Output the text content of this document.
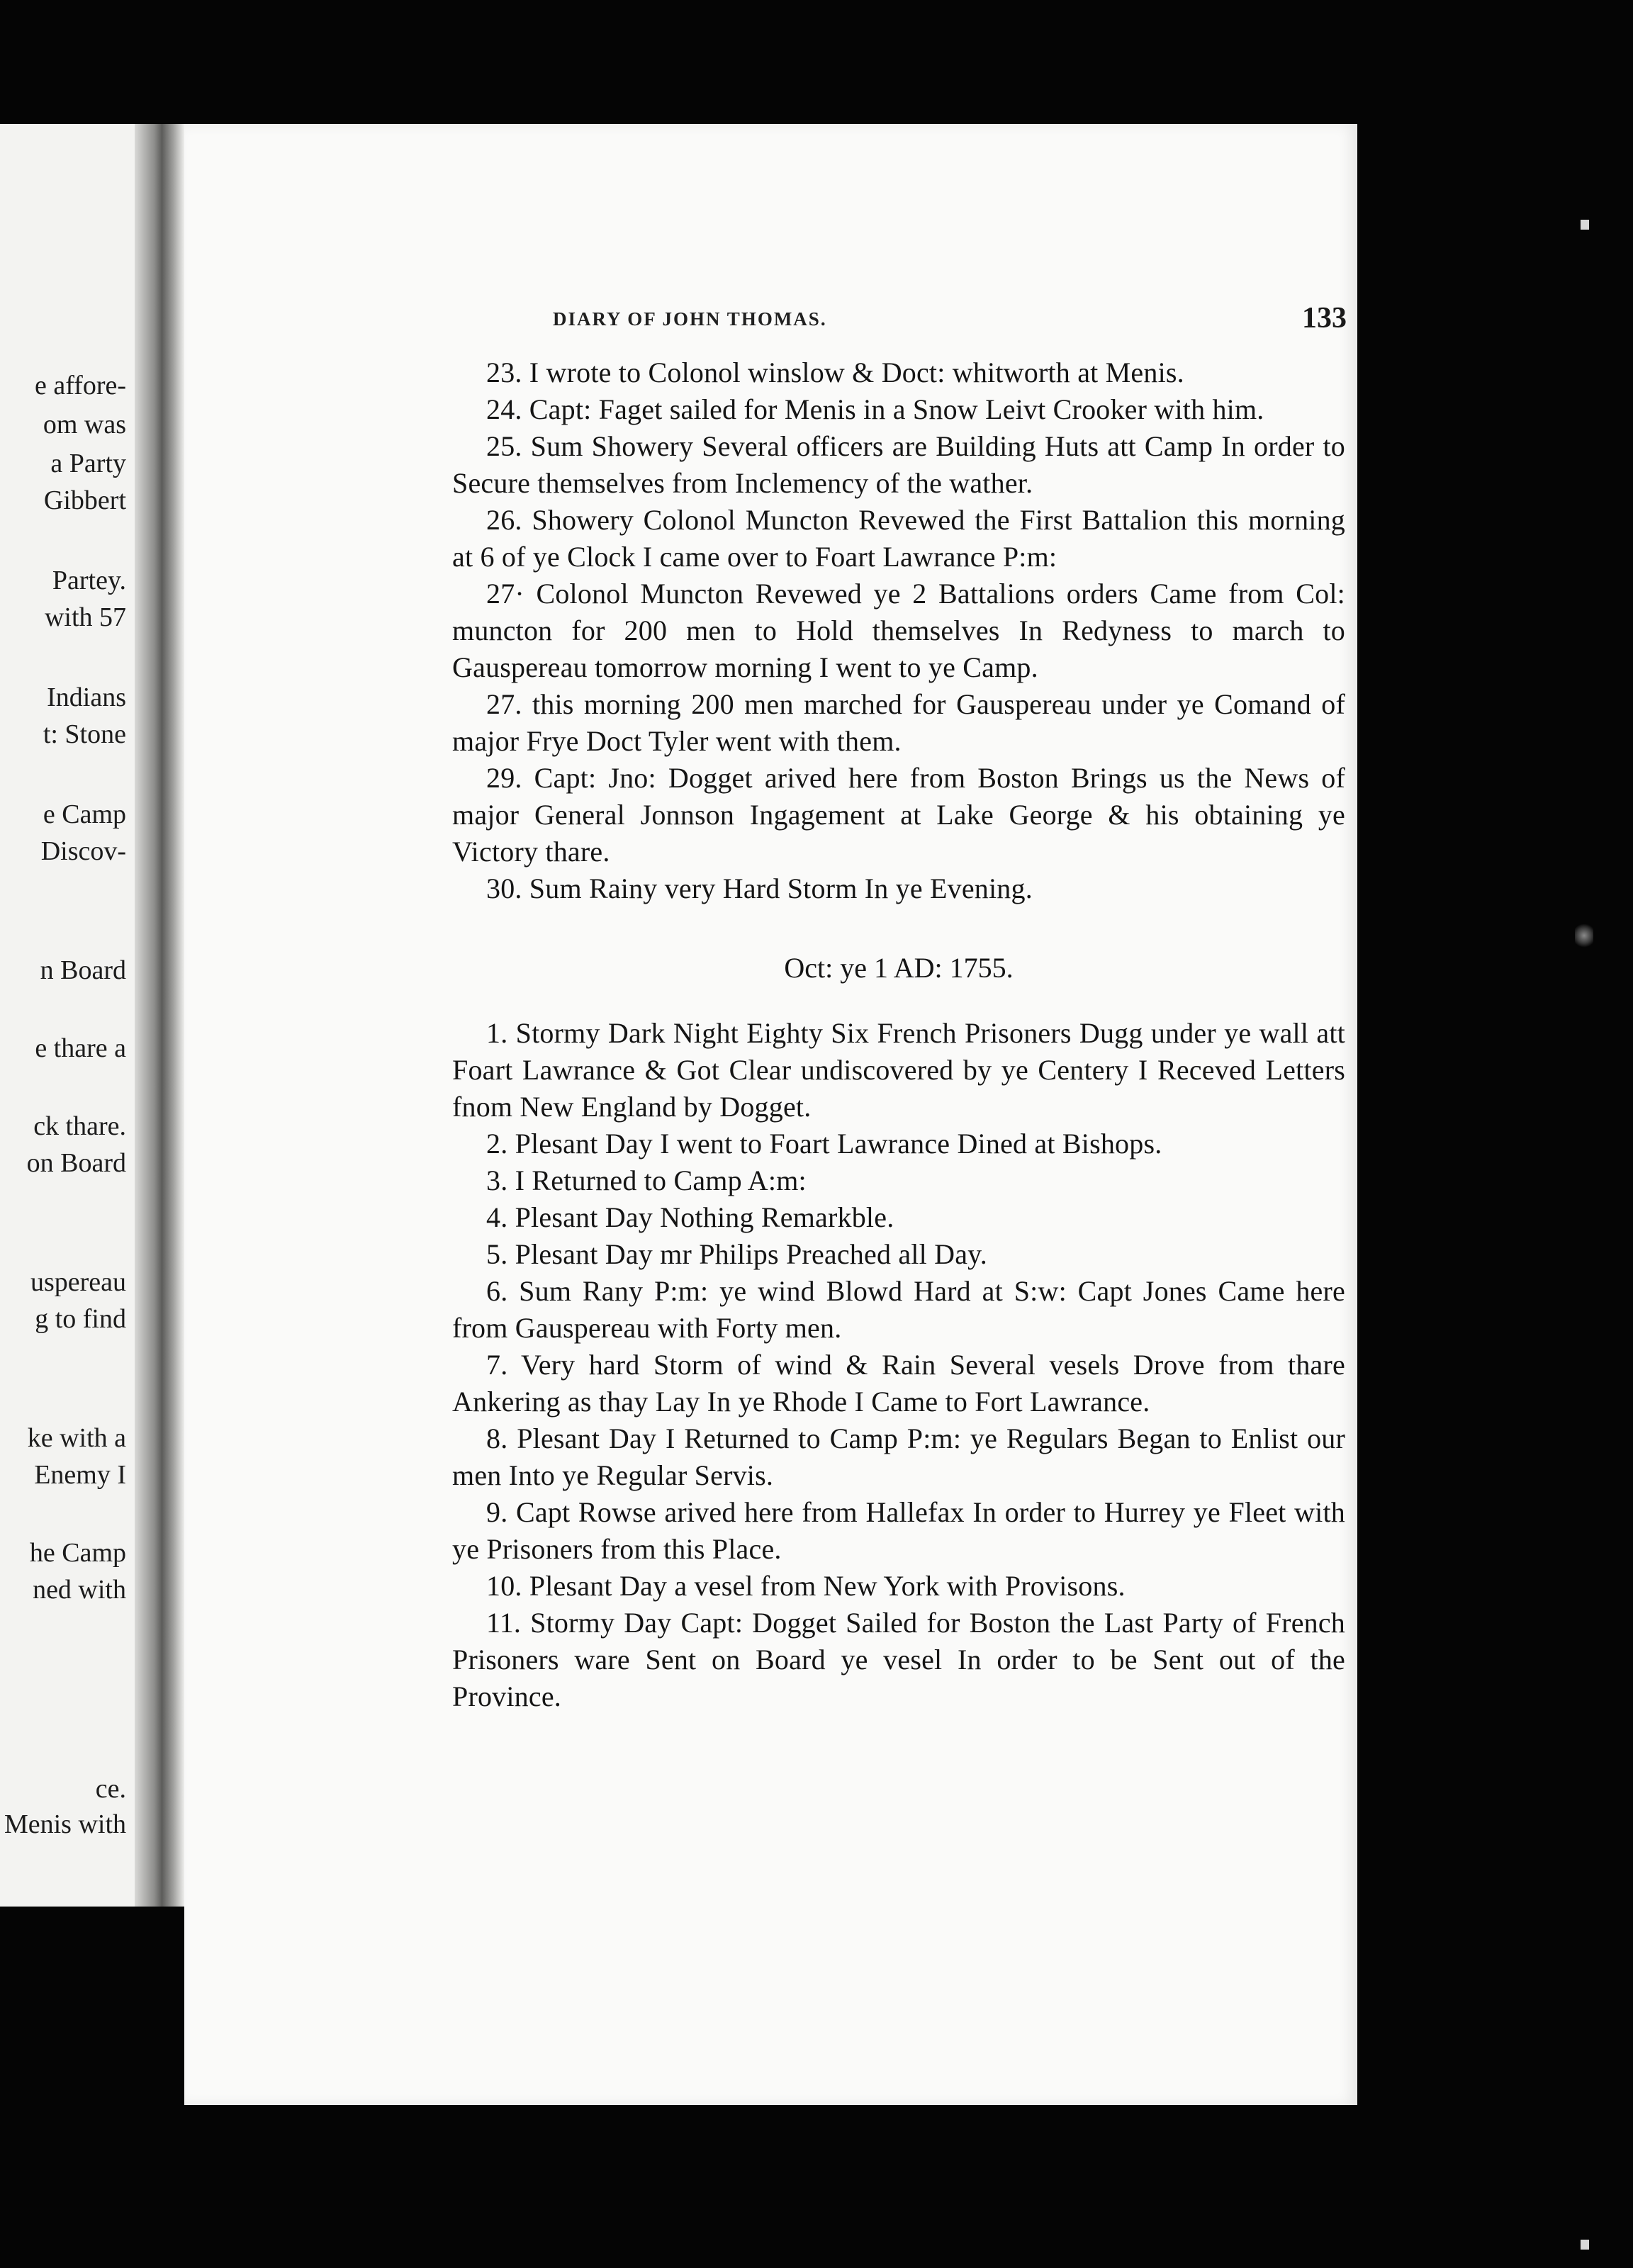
e affore-
om was
a Party
Gibbert
Partey.
with 57
Indians
t: Stone
e Camp
Discov-
n Board
e thare a
ck thare.
on Board
uspereau
g to find
ke with a
Enemy I
he Camp
ned with
ce.
Menis with
DIARY OF JOHN THOMAS.	133

23. I wrote to Colonol winslow & Doct: whitworth at Menis.

24. Capt: Faget sailed for Menis in a Snow Leivt Crooker with him.

25. Sum Showery Several officers are Building Huts att Camp In order to Secure themselves from Inclemency of the wather.

26. Showery Colonol Muncton Revewed the First Battalion this morning at 6 of ye Clock I came over to Foart Lawrance P:m:

27· Colonol Muncton Revewed ye 2 Battalions orders Came from Col: muncton for 200 men to Hold themselves In Redyness to march to Gauspereau tomorrow morning I went to ye Camp.

27. this morning 200 men marched for Gauspereau under ye Comand of major Frye Doct Tyler went with them.

29. Capt: Jno: Dogget arived here from Boston Brings us the News of major General Jonnson Ingagement at Lake George & his obtaining ye Victory thare.

30. Sum Rainy very Hard Storm In ye Evening.

Oct: ye 1 AD: 1755.

1. Stormy Dark Night Eighty Six French Prisoners Dugg under ye wall att Foart Lawrance & Got Clear undiscovered by ye Centery I Receved Letters fnom New England by Dogget.

2. Plesant Day I went to Foart Lawrance Dined at Bishops.

3. I Returned to Camp A:m:

4. Plesant Day Nothing Remarkble.

5. Plesant Day mr Philips Preached all Day.

6. Sum Rany P:m: ye wind Blowd Hard at S:w: Capt Jones Came here from Gauspereau with Forty men.

7. Very hard Storm of wind & Rain Several vesels Drove from thare Ankering as thay Lay In ye Rhode I Came to Fort Lawrance.

8. Plesant Day I Returned to Camp P:m: ye Regulars Began to Enlist our men Into ye Regular Servis.

9. Capt Rowse arived here from Hallefax In order to Hurrey ye Fleet with ye Prisoners from this Place.

10. Plesant Day a vesel from New York with Provisons.

11. Stormy Day Capt: Dogget Sailed for Boston the Last Party of French Prisoners ware Sent on Board ye vesel In order to be Sent out of the Province.
